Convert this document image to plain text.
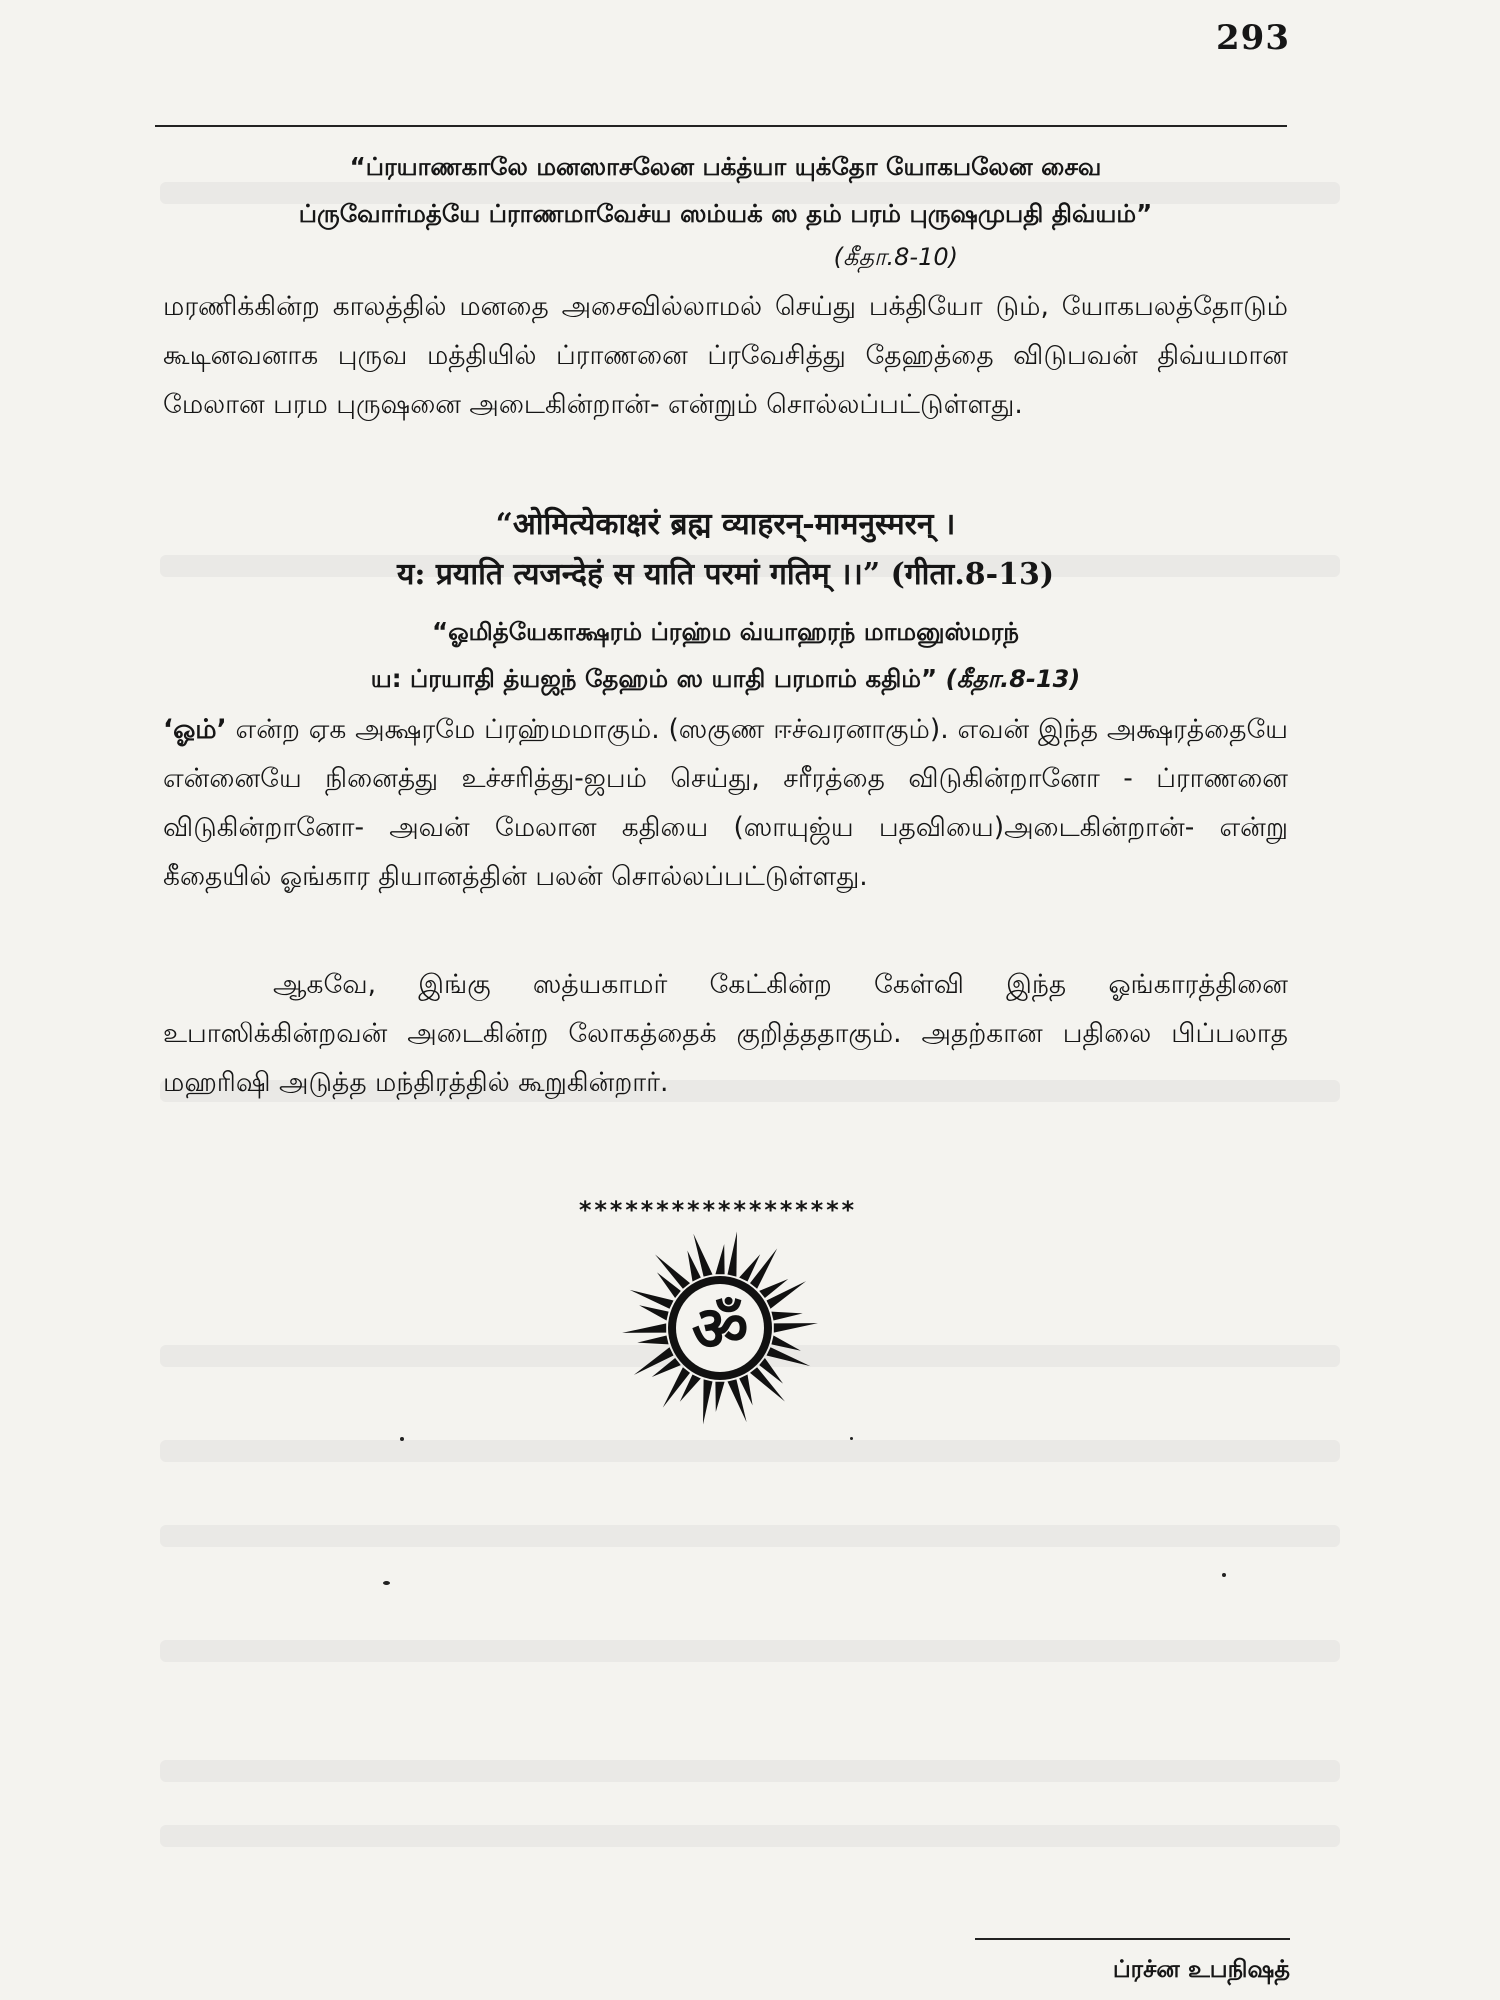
293
“ப்ரயாணகாலே மனஸாசலேன பக்த்யா யுக்தோ யோகபலேன சைவ
ப்ருவோர்மத்யே ப்ராணமாவேச்ய ஸம்யக் ஸ தம் பரம் புருஷமுபதி திவ்யம்”
(கீதா.8-10)
மரணிக்கின்ற காலத்தில் மனதை அசைவில்லாமல் செய்து பக்தியோ டும், யோகபலத்தோடும் கூடினவனாக புருவ மத்தியில் ப்ராணனை ப்ரவேசித்து தேஹத்தை விடுபவன் திவ்யமான மேலான பரம புருஷனை அடைகின்றான்- என்றும் சொல்லப்பட்டுள்ளது.
“ओमित्येकाक्षरं ब्रह्म व्याहरन्-मामनुस्मरन् ।
य: प्रयाति त्यजन्देहं स याति परमां गतिम् ।।” (गीता.8-13)
“ஓமித்யேகாக்ஷரம் ப்ரஹ்ம வ்யாஹரந் மாமனுஸ்மரந்
ய: ப்ரயாதி த்யஜந் தேஹம் ஸ யாதி பரமாம் கதிம்” (கீதா.8-13)
‘ஓம்’ என்ற ஏக அக்ஷரமே ப்ரஹ்மமாகும். (ஸகுண ஈச்வரனாகும்). எவன் இந்த அக்ஷரத்தையே என்னையே நினைத்து உச்சரித்து-ஜபம் செய்து, சரீரத்தை விடுகின்றானோ - ப்ராணனை விடுகின்றானோ- அவன் மேலான கதியை (ஸாயுஜ்ய பதவியை)அடைகின்றான்- என்று கீதையில் ஓங்கார தியானத்தின் பலன் சொல்லப்பட்டுள்ளது.
ஆகவே, இங்கு ஸத்யகாமர் கேட்கின்ற கேள்வி இந்த ஓங்காரத்தினை உபாஸிக்கின்றவன் அடைகின்ற லோகத்தைக் குறித்ததாகும். அதற்கான பதிலை பிப்பலாத மஹரிஷி அடுத்த மந்திரத்தில் கூறுகின்றார்.
******************
ॐ
ப்ரச்ன உபநிஷத்
